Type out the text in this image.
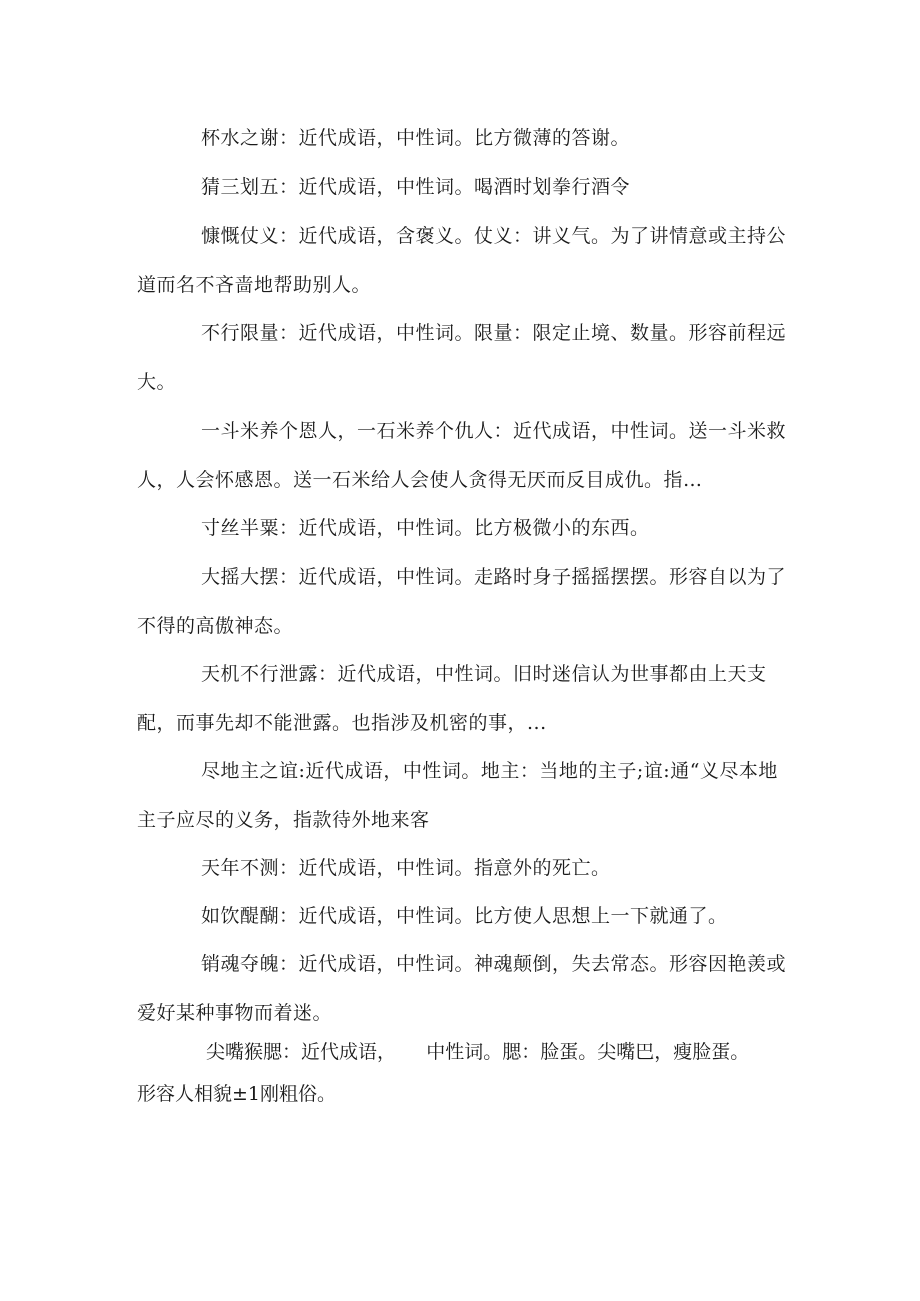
杯水之谢：近代成语，中性词。比方微薄的答谢。

猜三划五：近代成语，中性词。喝酒时划拳行酒令

慷慨仗义：近代成语，含褒义。仗义：讲义气。为了讲情意或主持公道而名不吝啬地帮助别人。

不行限量：近代成语，中性词。限量：限定止境、数量。形容前程远大。

一斗米养个恩人，一石米养个仇人：近代成语，中性词。送一斗米救人，人会怀感恩。送一石米给人会使人贪得无厌而反目成仇。指…

寸丝半粟：近代成语，中性词。比方极微小的东西。

大摇大摆：近代成语，中性词。走路时身子摇摇摆摆。形容自以为了不得的高傲神态。

天机不行泄露：近代成语，中性词。旧时迷信认为世事都由上天支配，而事先却不能泄露。也指涉及机密的事，...

尽地主之谊:近代成语，中性词。地主：当地的主子;谊:通“义尽本地主子应尽的义务，指款待外地来客

天年不测：近代成语，中性词。指意外的死亡。

如饮醍醐：近代成语，中性词。比方使人思想上一下就通了。

销魂夺魄：近代成语，中性词。神魂颠倒，失去常态。形容因艳羡或爱好某种事物而着迷。

尖嘴猴腮：近代成语，     中性词。腮：脸蛋。尖嘴巴，瘦脸蛋。
形容人相貌±1刚粗俗。
